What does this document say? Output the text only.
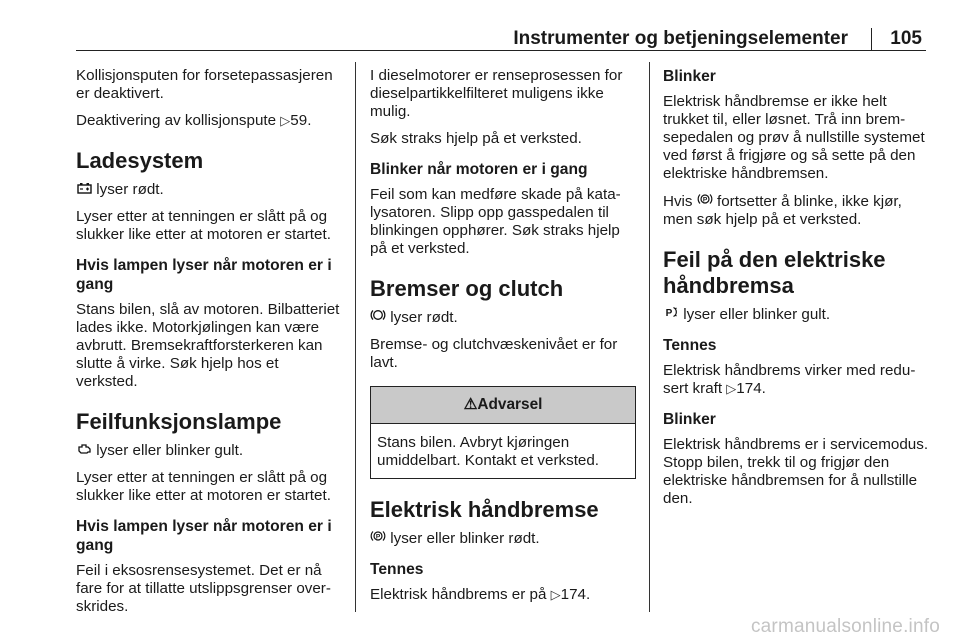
Instrumenter og betjeningselementer 105

Kollisjonsputen for forsetepassasjeren er deaktivert.

Deaktivering av kollisjonspute ▷59.

Ladesystem

lyser rødt.

Lyser etter at tenningen er slått på og slukker like etter at motoren er startet.

Hvis lampen lyser når motoren er i gang

Stans bilen, slå av motoren. Bilbatteriet lades ikke. Motorkjølingen kan være avbrutt. Bremsekraftforsterkeren kan slutte å virke. Søk hjelp hos et verksted.

Feilfunksjonslampe

lyser eller blinker gult.

Lyser etter at tenningen er slått på og slukker like etter at motoren er startet.

Hvis lampen lyser når motoren er i gang

Feil i eksosrensesystemet. Det er nå fare for at tillatte utslippsgrenser overskrides.

I dieselmotorer er renseprosessen for dieselpartikkelfilteret muligens ikke mulig.

Søk straks hjelp på et verksted.

Blinker når motoren er i gang

Feil som kan medføre skade på katalysatoren. Slipp opp gasspedalen til blinkingen opphører. Søk straks hjelp på et verksted.

Bremser og clutch

lyser rødt.

Bremse- og clutchvæskenivået er for lavt.

⚠Advarsel
Stans bilen. Avbryt kjøringen umiddelbart. Kontakt et verksted.
Elektrisk håndbremse

P lyser eller blinker rødt.

Tennes

Elektrisk håndbrems er på ▷174.

Blinker

Elektrisk håndbremse er ikke helt trukket til, eller løsnet. Trå inn bremsepedalen og prøv å nullstille systemet ved først å frigjøre og så sette på den elektriske håndbremsen.

Hvis P fortsetter å blinke, ikke kjør, men søk hjelp på et verksted.

Feil på den elektriske håndbremsa

P lyser eller blinker gult.

Tennes

Elektrisk håndbrems virker med redusert kraft ▷174.

Blinker

Elektrisk håndbrems er i servicemodus. Stopp bilen, trekk til og frigjør den elektriske håndbremsen for å nullstille den.

carmanualsonline.info
